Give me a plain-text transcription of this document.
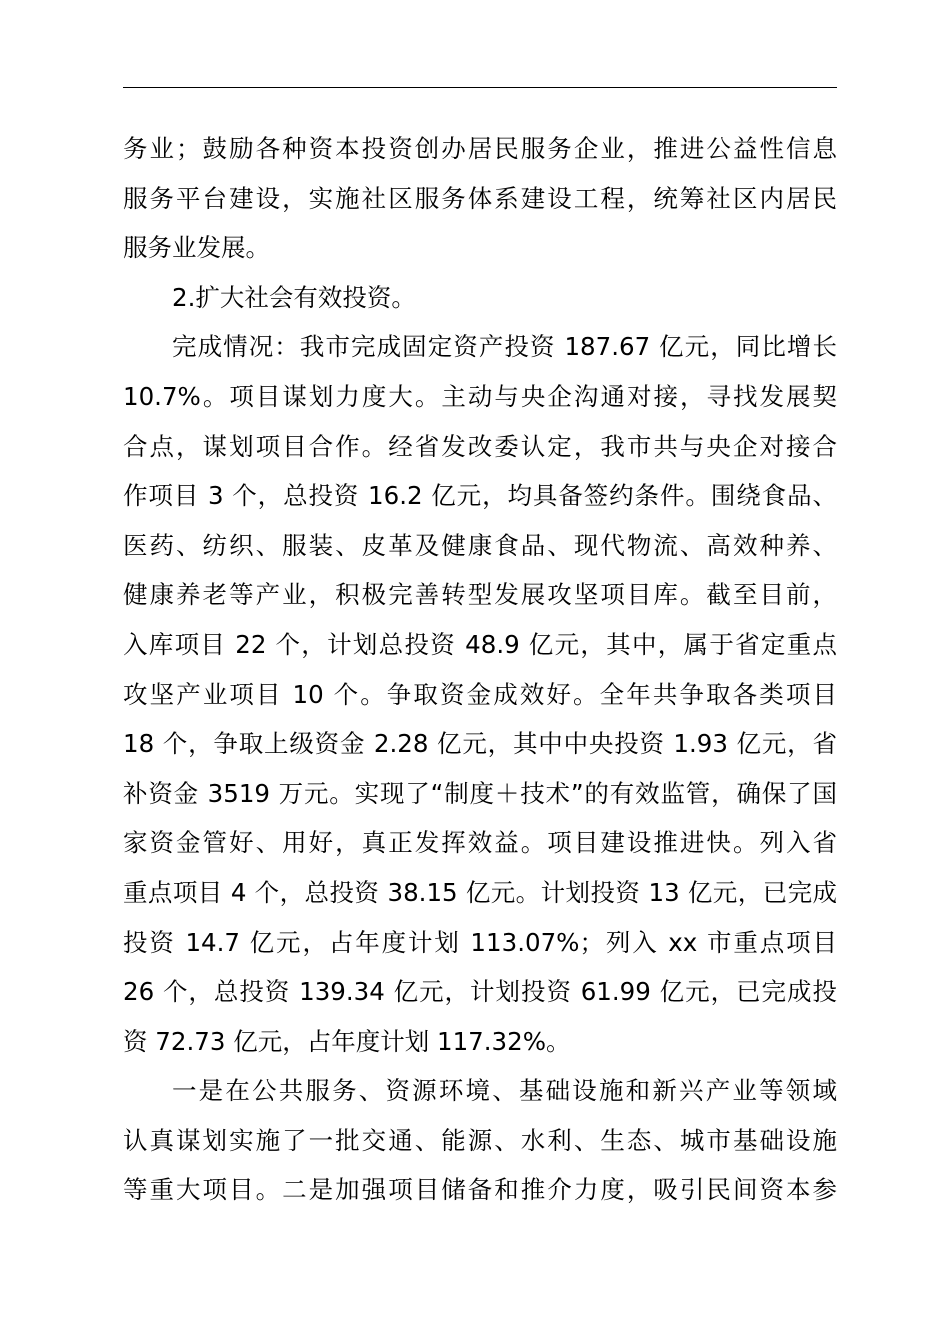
务业；鼓励各种资本投资创办居民服务企业，推进公益性信息
服务平台建设，实施社区服务体系建设工程，统筹社区内居民
服务业发展。
2.扩大社会有效投资。
完成情况：我市完成固定资产投资 187.67 亿元，同比增长
10.7%。项目谋划力度大。主动与央企沟通对接，寻找发展契
合点，谋划项目合作。经省发改委认定，我市共与央企对接合
作项目 3 个，总投资 16.2 亿元，均具备签约条件。围绕食品、
医药、纺织、服装、皮革及健康食品、现代物流、高效种养、
健康养老等产业，积极完善转型发展攻坚项目库。截至目前，
入库项目 22 个，计划总投资 48.9 亿元，其中，属于省定重点
攻坚产业项目 10 个。争取资金成效好。全年共争取各类项目
18 个，争取上级资金 2.28 亿元，其中中央投资 1.93 亿元，省
补资金 3519 万元。实现了“制度＋技术”的有效监管，确保了国
家资金管好、用好，真正发挥效益。项目建设推进快。列入省
重点项目 4 个，总投资 38.15 亿元。计划投资 13 亿元，已完成
投资 14.7 亿元，占年度计划 113.07%；列入 xx 市重点项目
26 个，总投资 139.34 亿元，计划投资 61.99 亿元，已完成投
资 72.73 亿元，占年度计划 117.32%。
一是在公共服务、资源环境、基础设施和新兴产业等领域
认真谋划实施了一批交通、能源、水利、生态、城市基础设施
等重大项目。二是加强项目储备和推介力度，吸引民间资本参
